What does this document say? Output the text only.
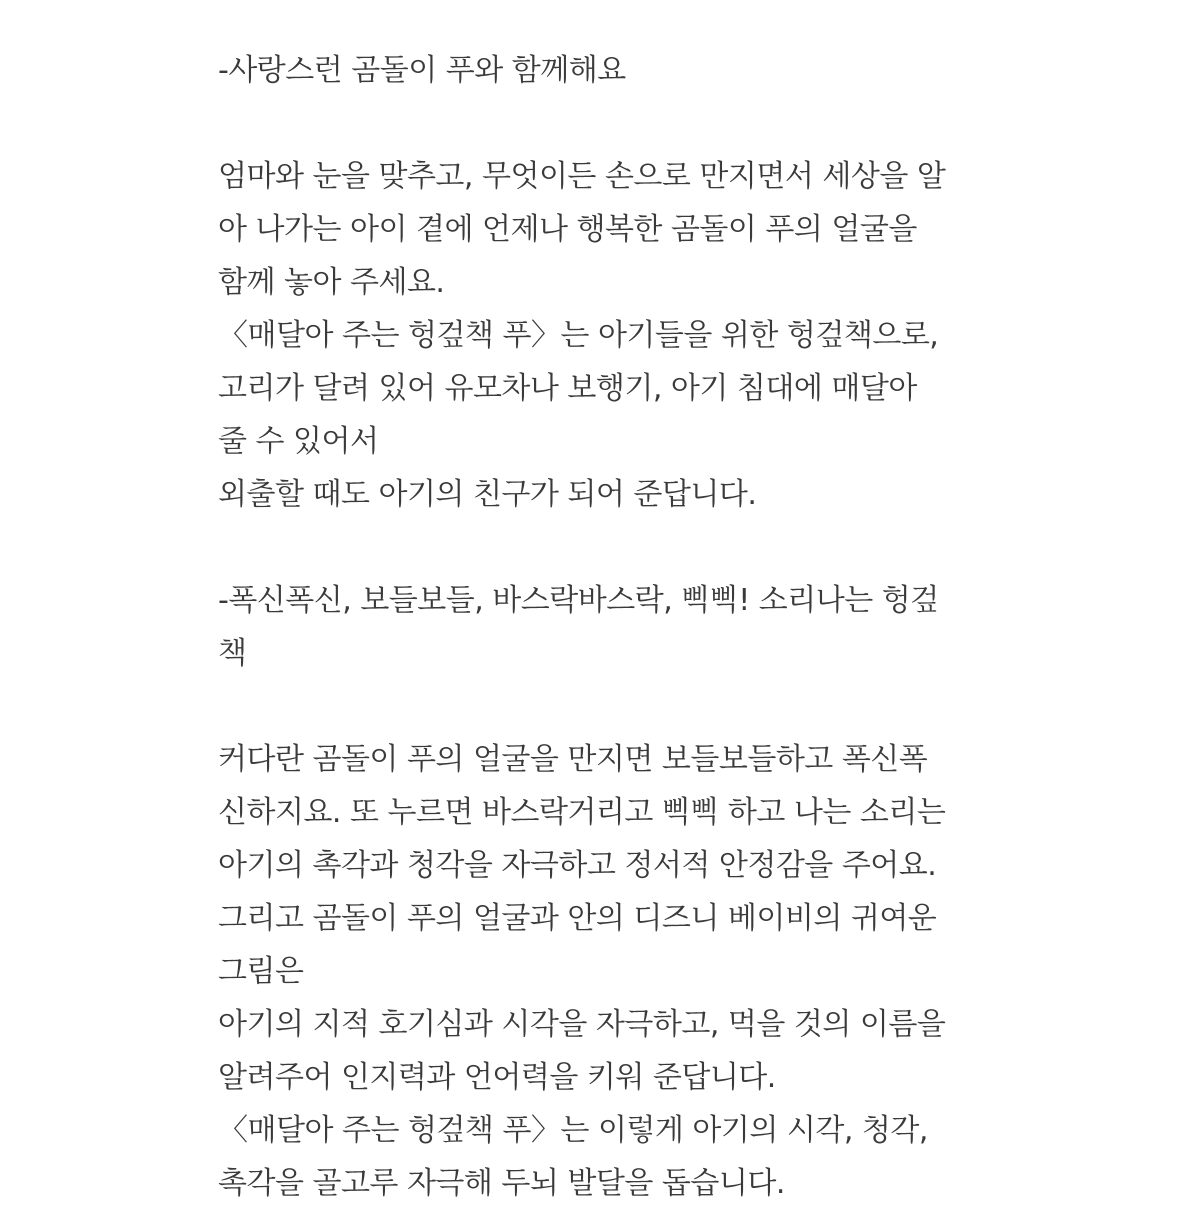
-사랑스런 곰돌이 푸와 함께해요
엄마와 눈을 맞추고, 무엇이든 손으로 만지면서 세상을 알
아 나가는 아이 곁에 언제나 행복한 곰돌이 푸의 얼굴을
함께 놓아 주세요.
〈매달아 주는 헝겊책 푸〉는 아기들을 위한 헝겊책으로,
고리가 달려 있어 유모차나 보행기, 아기 침대에 매달아
줄 수 있어서
외출할 때도 아기의 친구가 되어 준답니다.
-폭신폭신, 보들보들, 바스락바스락, 삑삑! 소리나는 헝겊
책
커다란 곰돌이 푸의 얼굴을 만지면 보들보들하고 폭신폭
신하지요. 또 누르면 바스락거리고 삑삑 하고 나는 소리는
아기의 촉각과 청각을 자극하고 정서적 안정감을 주어요.
그리고 곰돌이 푸의 얼굴과 안의 디즈니 베이비의 귀여운
그림은
아기의 지적 호기심과 시각을 자극하고, 먹을 것의 이름을
알려주어 인지력과 언어력을 키워 준답니다.
〈매달아 주는 헝겊책 푸〉는 이렇게 아기의 시각, 청각,
촉각을 골고루 자극해 두뇌 발달을 돕습니다.
